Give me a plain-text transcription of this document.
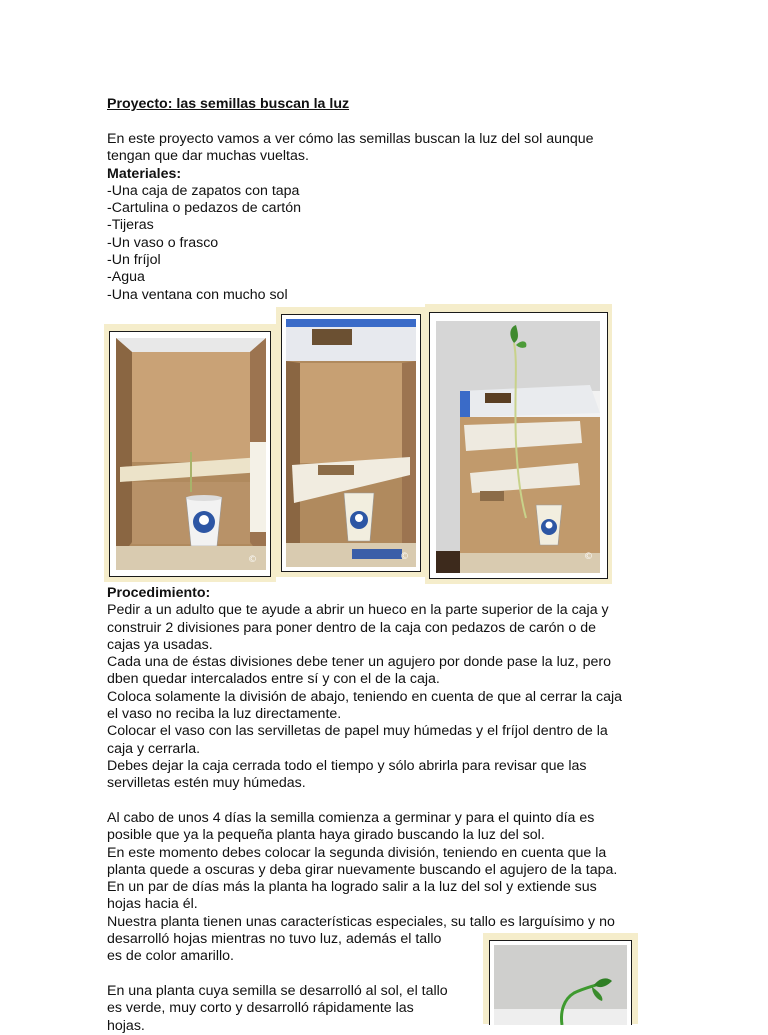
Proyecto: las semillas buscan la luz
En este proyecto vamos a ver cómo las semillas buscan la luz del sol aunque
tengan que dar muchas vueltas.
Materiales:
-Una caja de zapatos con tapa
-Cartulina o pedazos de cartón
-Tijeras
-Un vaso o frasco
-Un fríjol
-Agua
-Una ventana con mucho sol
©	©	©
Procedimiento:
Pedir a un adulto que te ayude a abrir un hueco en la parte superior de la caja y
construir 2 divisiones para poner dentro de la caja con pedazos de carón o de
cajas ya usadas.
Cada una de éstas divisiones debe tener un agujero por donde pase la luz, pero
dben quedar intercalados entre sí y con el de la caja.
Coloca solamente la división de abajo, teniendo en cuenta de que al cerrar la caja
el vaso no reciba la luz directamente.
Colocar el vaso con las servilletas de papel muy húmedas y el fríjol dentro de la
caja y cerrarla.
Debes dejar la caja cerrada todo el tiempo y sólo abrirla para revisar que las
servilletas estén muy húmedas.
Al cabo de unos 4 días la semilla comienza a germinar y para el quinto día es
posible que ya la pequeña planta haya girado buscando la luz del sol.
En este momento debes colocar la segunda división, teniendo en cuenta que la
planta quede a oscuras y deba girar nuevamente buscando el agujero de la tapa.
En un par de días más la planta ha logrado salir a la luz del sol y extiende sus
hojas hacia él.
Nuestra planta tienen unas características especiales, su tallo es larguísimo y no
desarrolló hojas mientras no tuvo luz, además el tallo
es de color amarillo.
En una planta cuya semilla se desarrolló al sol, el tallo
es verde, muy corto y desarrolló rápidamente las
hojas.
